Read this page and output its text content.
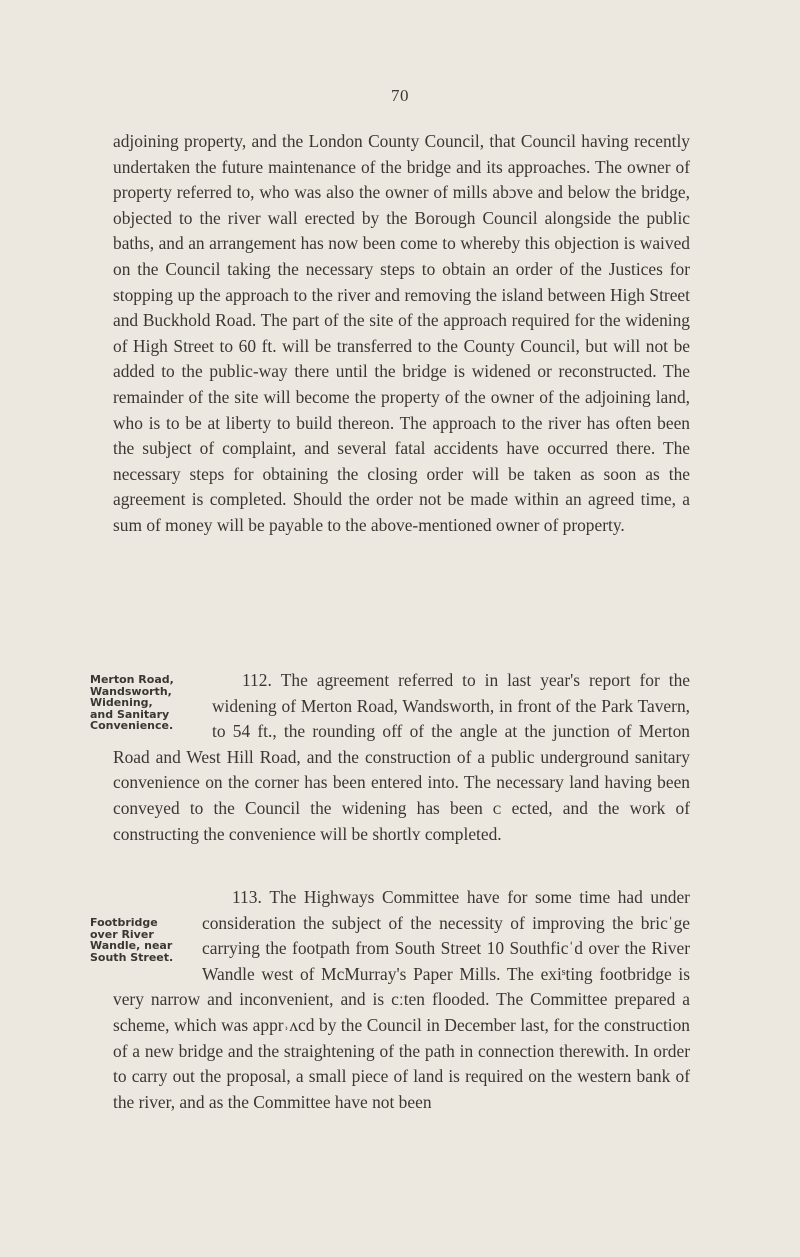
70

adjoining property, and the London County Council, that Council having recently undertaken the future maintenance of the bridge and its approaches. The owner of property referred to, who was also the owner of mills abɔve and below the bridge, objected to the river wall erected by the Borough Council alongside the public baths, and an arrangement has now been come to whereby this objection is waived on the Council taking the necessary steps to obtain an order of the Justices for stopping up the approach to the river and removing the island between High Street and Buckhold Road. The part of the site of the approach required for the widening of High Street to 60 ft. will be transferred to the County Council, but will not be added to the public-way there until the bridge is widened or reconstructed. The remainder of the site will become the property of the owner of the adjoining land, who is to be at liberty to build thereon. The approach to the river has often been the subject of complaint, and several fatal accidents have occurred there. The necessary steps for obtaining the closing order will be taken as soon as the agreement is completed. Should the order not be made within an agreed time, a sum of money will be payable to the above-mentioned owner of property.

112.
Merton Road,
Wandsworth,
Widening,
and Sanitary
Convenience.
The agreement referred to in last year's report for the widening of Merton Road, Wandsworth, in front of the Park Tavern, to 54 ft., the rounding off of the angle at the junction of Merton Road and West Hill Road, and the construction of a public underground sanitary convenience on the corner has been entered into. The necessary land having been conveyed to the Council the widening has been ᴄ ected, and the work of constructing the convenience will be shortlʏ completed.

113.
Footbridge
over River
Wandle, near
South Street.
The Highways Committee have for some time had under consideration the subject of the necessity of improving the bricˈge carrying the footpath from South Street 10 Southficˈd over the River Wandle west of McMurray's Paper Mills. The exiˢting footbridge is very narrow and inconvenient, and is cːten flooded. The Committee prepared a scheme, which was appr˒ʌcd by the Council in December last, for the construction of a new bridge and the straightening of the path in connection therewith. In order to carry out the proposal, a small piece of land is required on the western bank of the river, and as the Committee have not been
